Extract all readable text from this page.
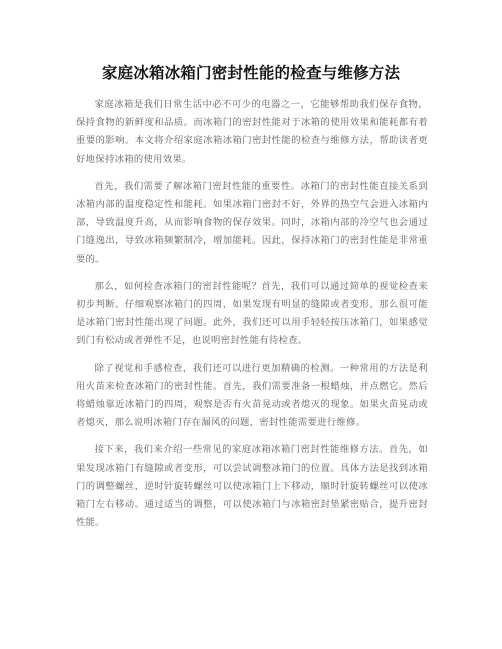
家庭冰箱冰箱门密封性能的检查与维修方法

家庭冰箱是我们日常生活中必不可少的电器之一，它能够帮助我们保存食物，保持食物的新鲜度和品质。而冰箱门的密封性能对于冰箱的使用效果和能耗都有着重要的影响。本文将介绍家庭冰箱冰箱门密封性能的检查与维修方法，帮助读者更好地保持冰箱的使用效果。

首先，我们需要了解冰箱门密封性能的重要性。冰箱门的密封性能直接关系到冰箱内部的温度稳定性和能耗。如果冰箱门密封不好，外界的热空气会进入冰箱内部，导致温度升高，从而影响食物的保存效果。同时，冰箱内部的冷空气也会通过门缝逸出，导致冰箱频繁制冷，增加能耗。因此，保持冰箱门的密封性能是非常重要的。

那么，如何检查冰箱门的密封性能呢？首先，我们可以通过简单的视觉检查来初步判断。仔细观察冰箱门的四周，如果发现有明显的缝隙或者变形，那么很可能是冰箱门密封性能出现了问题。此外，我们还可以用手轻轻按压冰箱门，如果感觉到门有松动或者弹性不足，也说明密封性能有待检查。

除了视觉和手感检查，我们还可以进行更加精确的检测。一种常用的方法是利用火苗来检查冰箱门的密封性能。首先，我们需要准备一根蜡烛，并点燃它。然后将蜡烛靠近冰箱门的四周，观察是否有火苗晃动或者熄灭的现象。如果火苗晃动或者熄灭，那么说明冰箱门存在漏风的问题，密封性能需要进行维修。

接下来，我们来介绍一些常见的家庭冰箱冰箱门密封性能维修方法。首先，如果发现冰箱门有缝隙或者变形，可以尝试调整冰箱门的位置。具体方法是找到冰箱门的调整螺丝，逆时针旋转螺丝可以使冰箱门上下移动，顺时针旋转螺丝可以使冰箱门左右移动。通过适当的调整，可以使冰箱门与冰箱密封垫紧密贴合，提升密封性能。
